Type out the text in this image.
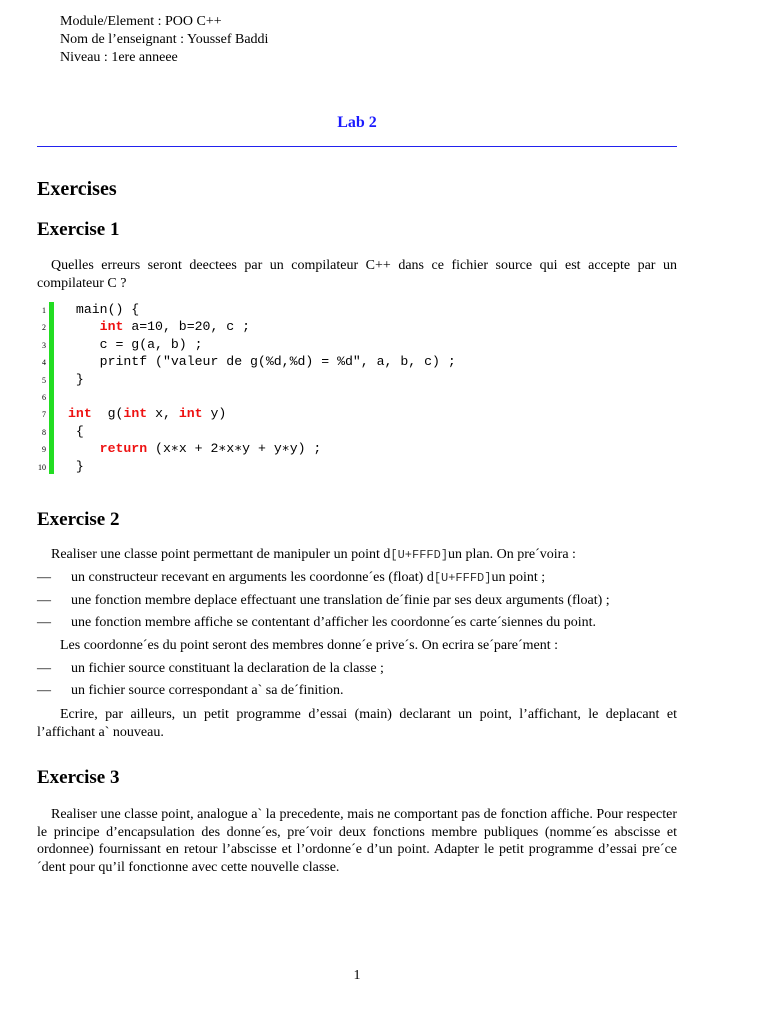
Module/Element : POO C++
Nom de l’enseignant : Youssef Baddi
Niveau : 1ere anneee
Lab 2
Exercises
Exercise 1

Quelles erreurs seront deectees par un compilateur C++ dans ce fichier source qui est accepte par un compilateur C ?

1 main() {
2	int a=10, b=20, c ;
3 c = g(a, b) ;
4 printf ("valeur de g(%d,%d) = %d", a, b, c) ;
5 }
6
7 int  g(int x, int y)
8 {
9	return (x∗x + 2∗x∗y + y∗y) ;
10 }
Exercise 2
Realiser une classe point permettant de manipuler un point d[U+FFFD]un plan. On pre´voira :
— un constructeur recevant en arguments les coordonne´es (float) d[U+FFFD]un point ;
— une fonction membre deplace effectuant une translation de´finie par ses deux arguments (float) ;
— une fonction membre affiche se contentant d’afficher les coordonne´es carte´siennes du point.
Les coordonne´es du point seront des membres donne´e prive´s. On ecrira se´pare´ment :
— un fichier source constituant la declaration de la classe ;
— un fichier source correspondant a` sa de´finition.

Ecrire, par ailleurs, un petit programme d’essai (main) declarant un point, l’affichant, le deplacant et l’affichant a` nouveau.

Exercise 3

Realiser une classe point, analogue a` la precedente, mais ne comportant pas de fonction affiche. Pour respecter le principe d’encapsulation des donne´es, pre´voir deux fonctions membre publiques (nomme´es abscisse et ordonnee) fournissant en retour l’abscisse et l’ordonne´e d’un point. Adapter le petit programme d’essai pre´ce´dent pour qu’il fonctionne avec cette nouvelle classe.

1
